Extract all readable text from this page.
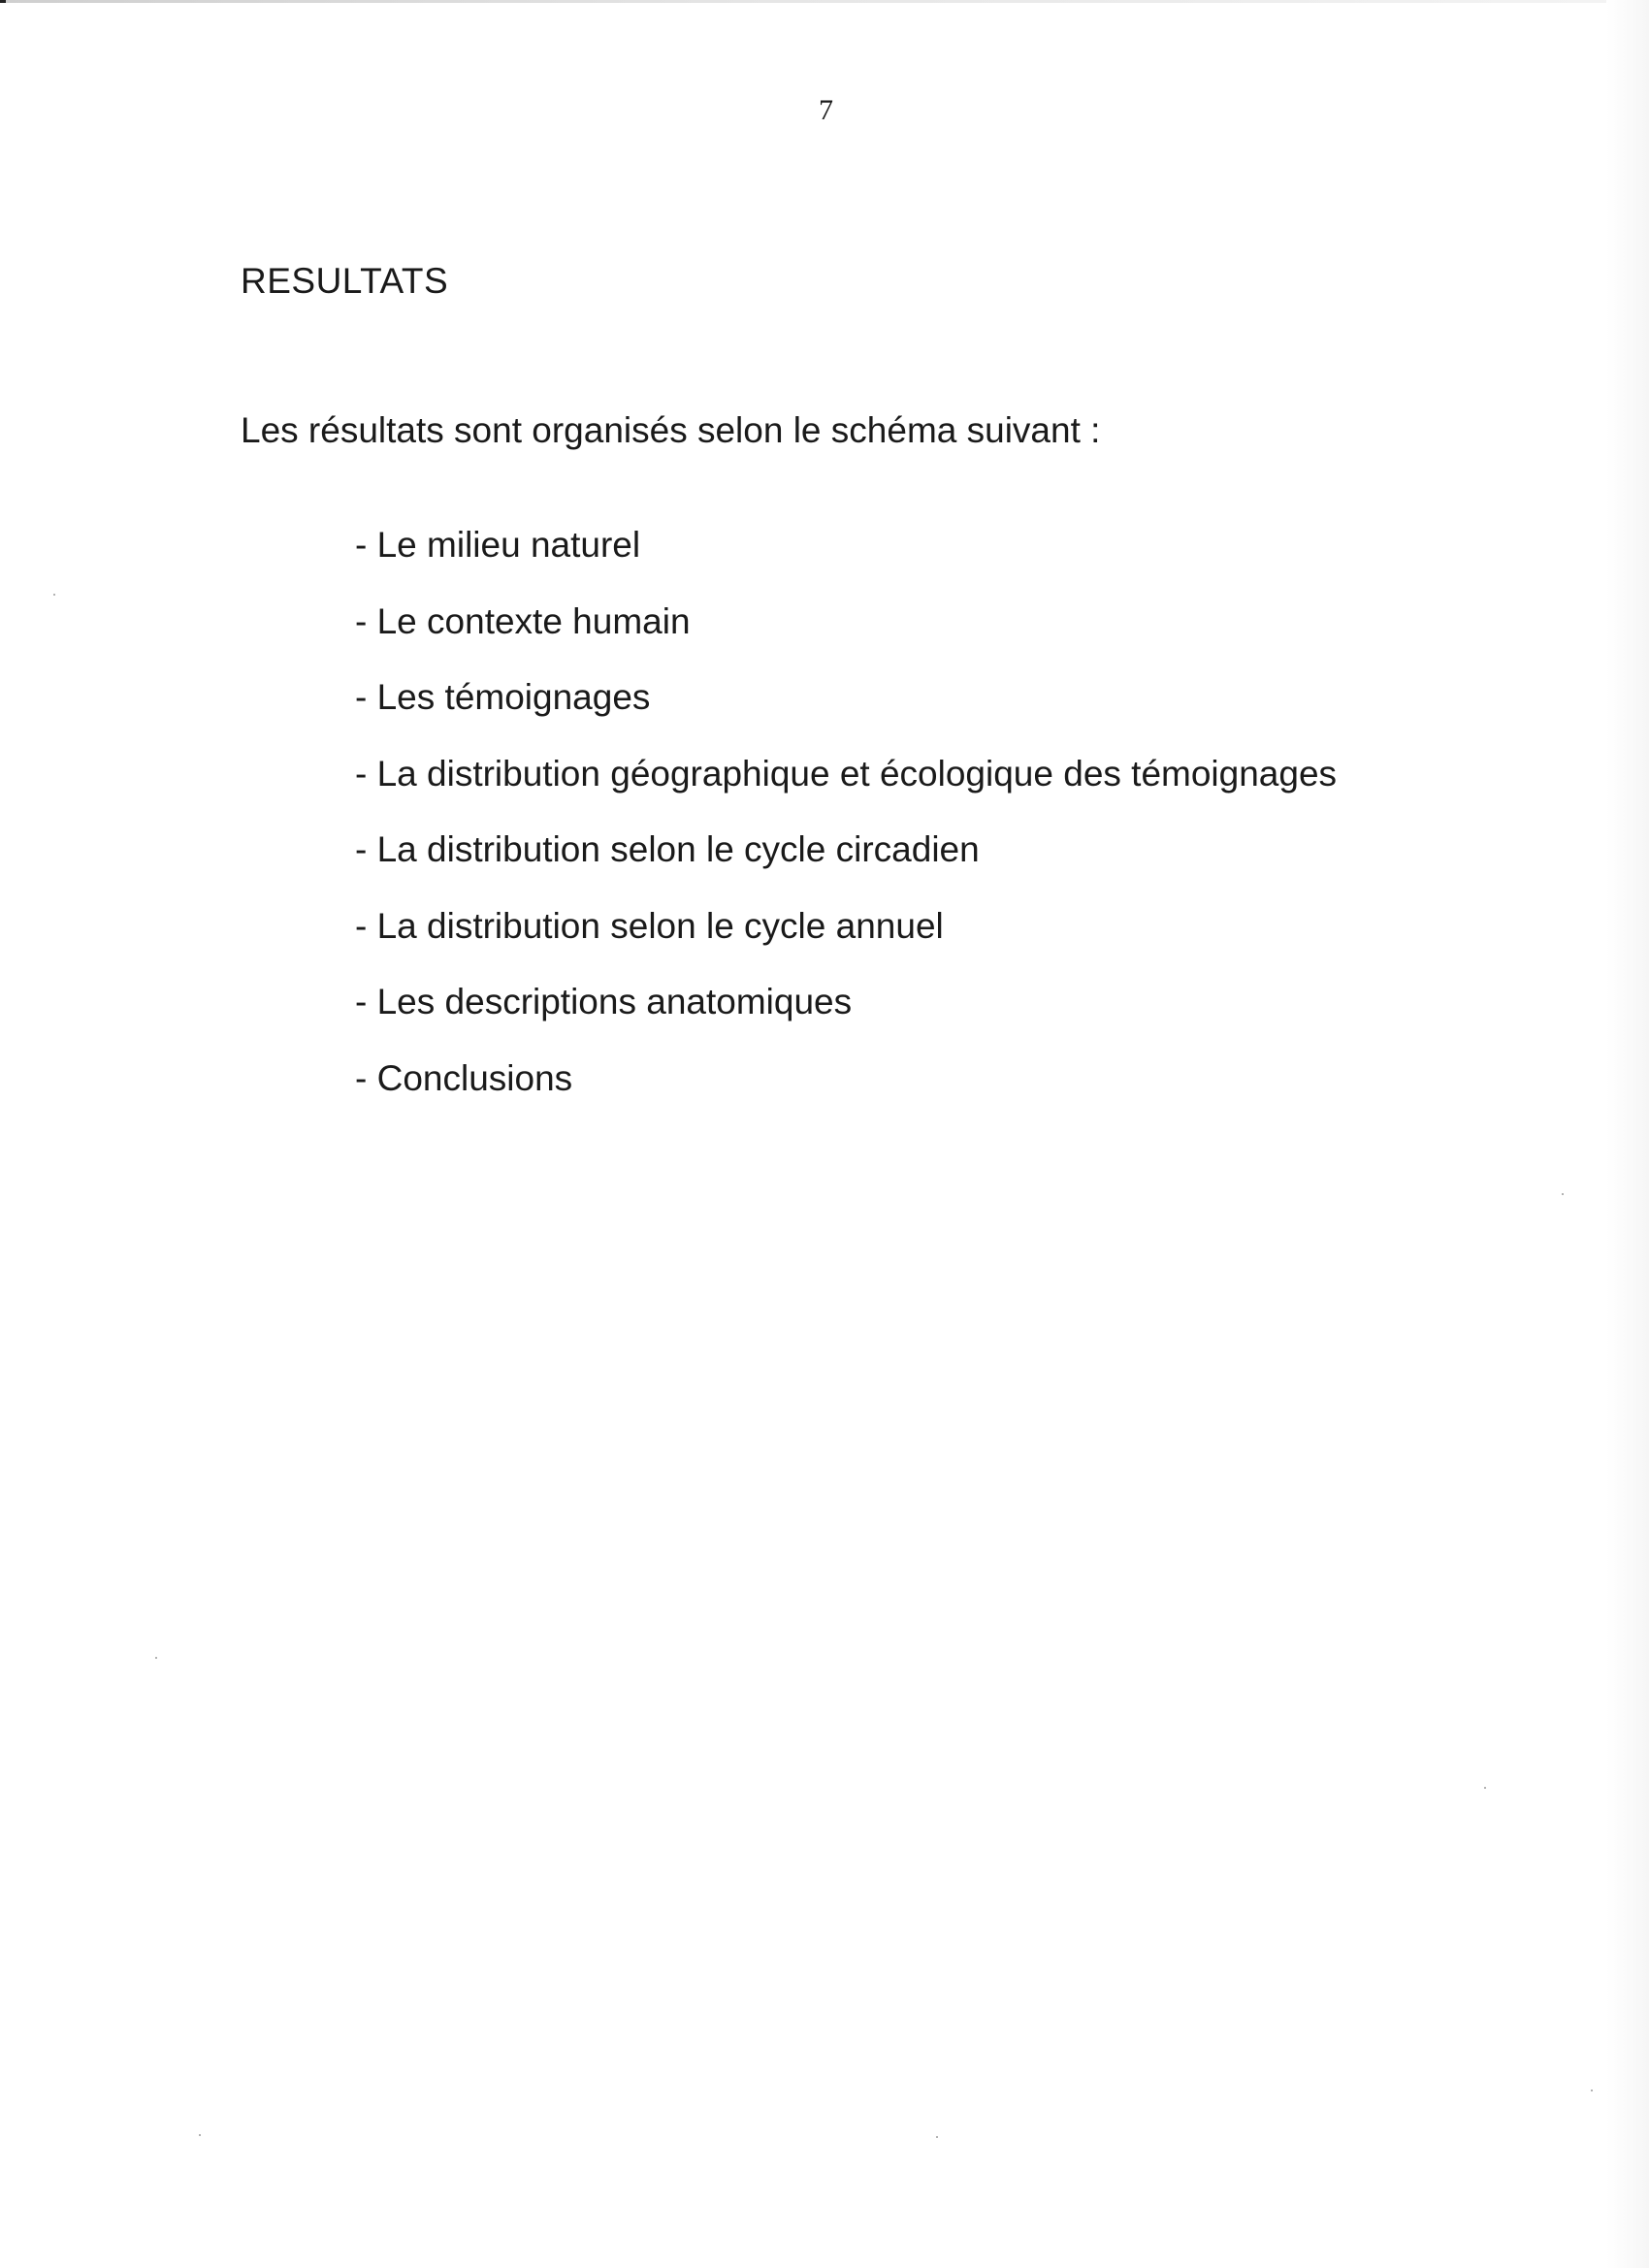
7
RESULTATS
Les résultats sont organisés selon le schéma suivant :
- Le milieu naturel
- Le contexte humain
- Les témoignages
- La distribution géographique et écologique des témoignages
- La distribution selon le cycle circadien
- La distribution selon le cycle annuel
- Les descriptions anatomiques
- Conclusions
